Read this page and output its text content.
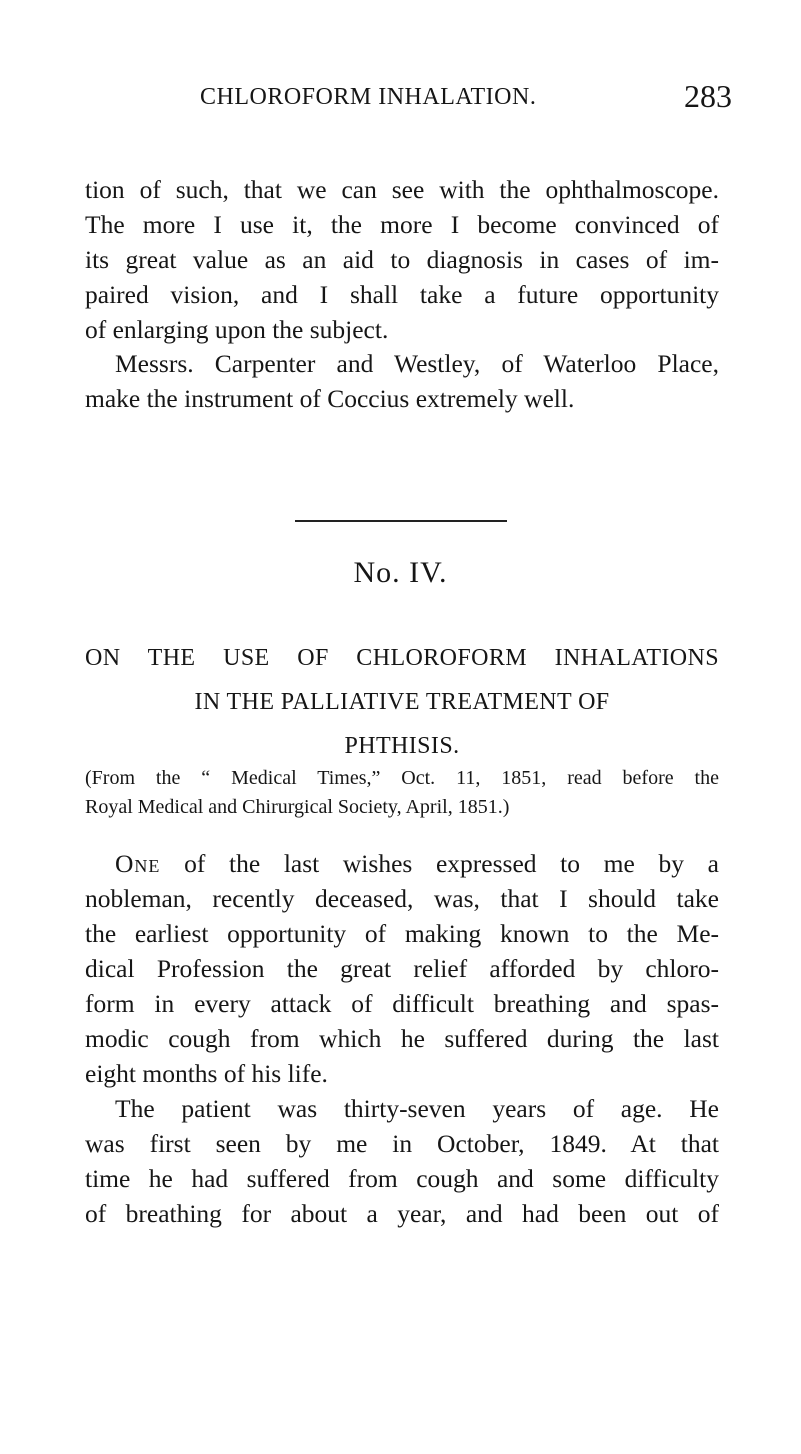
CHLOROFORM INHALATION.	283

tion of such, that we can see with the ophthalmoscope.
The more I use it, the more I become convinced of
its great value as an aid to diagnosis in cases of im-
paired vision, and I shall take a future opportunity
of enlarging upon the subject.

Messrs. Carpenter and Westley, of Waterloo Place,
make the instrument of Coccius extremely well.

No. IV.

ON THE USE OF CHLOROFORM INHALATIONS
IN THE PALLIATIVE TREATMENT OF
PHTHISIS.

(From the “ Medical Times,” Oct. 11, 1851, read before the
Royal Medical and Chirurgical Society, April, 1851.)

One of the last wishes expressed to me by a
nobleman, recently deceased, was, that I should take
the earliest opportunity of making known to the Me-
dical Profession the great relief afforded by chloro-
form in every attack of difficult breathing and spas-
modic cough from which he suffered during the last
eight months of his life.

The patient was thirty-seven years of age. He
was first seen by me in October, 1849. At that
time he had suffered from cough and some difficulty
of breathing for about a year, and had been out of
